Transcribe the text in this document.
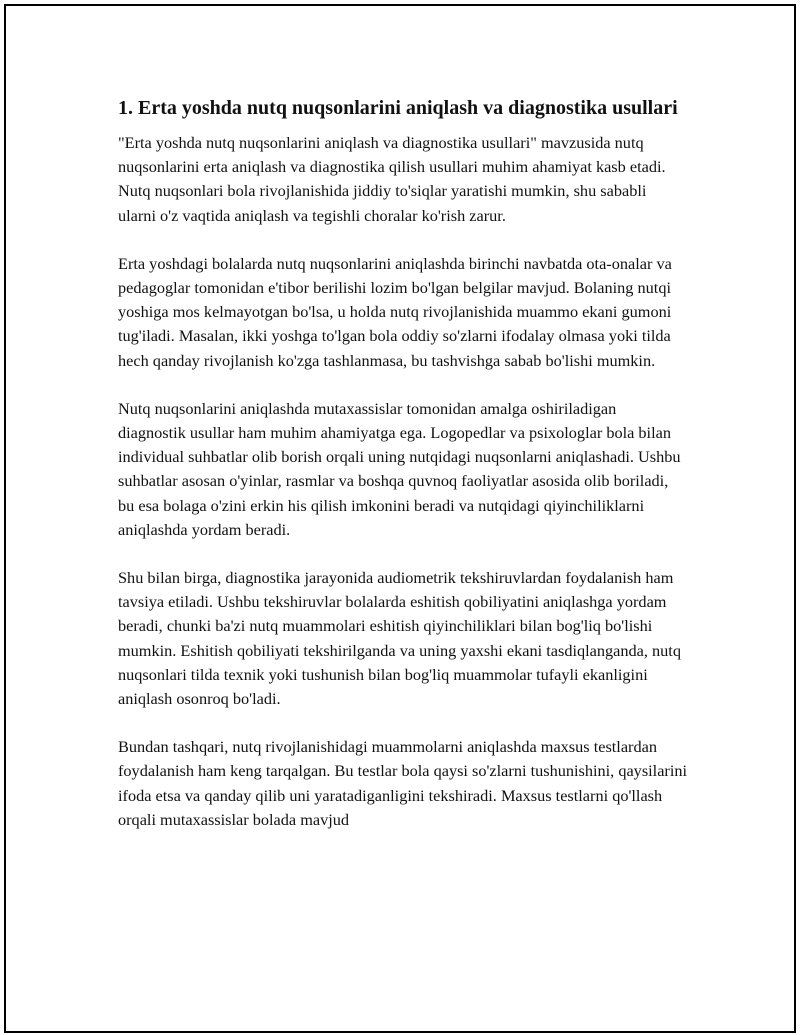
1. Erta yoshda nutq nuqsonlarini aniqlash va diagnostika usullari

"Erta yoshda nutq nuqsonlarini aniqlash va diagnostika usullari" mavzusida nutq nuqsonlarini erta aniqlash va diagnostika qilish usullari muhim ahamiyat kasb etadi. Nutq nuqsonlari bola rivojlanishida jiddiy to'siqlar yaratishi mumkin, shu sababli ularni o'z vaqtida aniqlash va tegishli choralar ko'rish zarur.

Erta yoshdagi bolalarda nutq nuqsonlarini aniqlashda birinchi navbatda ota-onalar va pedagoglar tomonidan e'tibor berilishi lozim bo'lgan belgilar mavjud. Bolaning nutqi yoshiga mos kelmayotgan bo'lsa, u holda nutq rivojlanishida muammo ekani gumoni tug'iladi. Masalan, ikki yoshga to'lgan bola oddiy so'zlarni ifodalay olmasa yoki tilda hech qanday rivojlanish ko'zga tashlanmasa, bu tashvishga sabab bo'lishi mumkin.

Nutq nuqsonlarini aniqlashda mutaxassislar tomonidan amalga oshiriladigan diagnostik usullar ham muhim ahamiyatga ega. Logopedlar va psixologlar bola bilan individual suhbatlar olib borish orqali uning nutqidagi nuqsonlarni aniqlashadi. Ushbu suhbatlar asosan o'yinlar, rasmlar va boshqa quvnoq faoliyatlar asosida olib boriladi, bu esa bolaga o'zini erkin his qilish imkonini beradi va nutqidagi qiyinchiliklarni aniqlashda yordam beradi.

Shu bilan birga, diagnostika jarayonida audiometrik tekshiruvlardan foydalanish ham tavsiya etiladi. Ushbu tekshiruvlar bolalarda eshitish qobiliyatini aniqlashga yordam beradi, chunki ba'zi nutq muammolari eshitish qiyinchiliklari bilan bog'liq bo'lishi mumkin. Eshitish qobiliyati tekshirilganda va uning yaxshi ekani tasdiqlanganda, nutq nuqsonlari tilda texnik yoki tushunish bilan bog'liq muammolar tufayli ekanligini aniqlash osonroq bo'ladi.

Bundan tashqari, nutq rivojlanishidagi muammolarni aniqlashda maxsus testlardan foydalanish ham keng tarqalgan. Bu testlar bola qaysi so'zlarni tushunishini, qaysilarini ifoda etsa va qanday qilib uni yaratadiganligini tekshiradi. Maxsus testlarni qo'llash orqali mutaxassislar bolada mavjud
